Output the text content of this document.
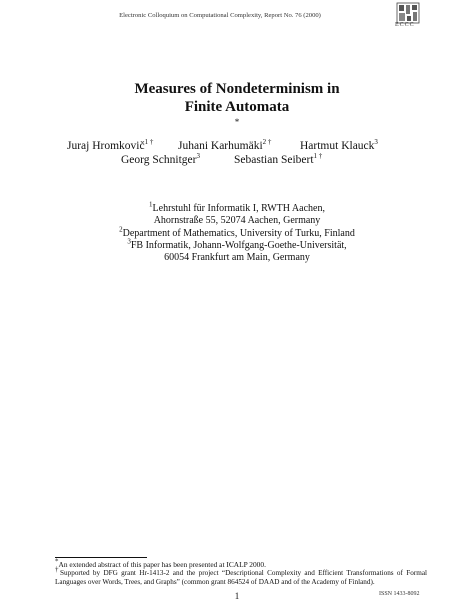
Electronic Colloquium on Computational Complexity, Report No. 76 (2000)
ECCC
Measures of Nondeterminism in
Finite Automata
*
Juraj Hromkovič$^{1 \dagger}$ Juhani Karhumäki$^{2 \dagger}$ Hartmut Klauck$^3$
Georg Schnitger$^3$	Sebastian Seibert$^{1 \dagger}$
$^1$Lehrstuhl für Informatik I, RWTH Aachen,
Ahornstraße 55, 52074 Aachen, Germany
$^2$Department of Mathematics, University of Turku, Finland
$^3$FB Informatik, Johann-Wolfgang-Goethe-Universität,
60054 Frankfurt am Main, Germany
*An extended abstract of this paper has been presented at ICALP 2000.
†Supported by DFG grant Hr-1413-2 and the project “Descriptional Complexity and Efficient Transformations of Formal Languages over Words, Trees, and Graphs” (common grant 864524 of DAAD and of the Academy of Finland).
1	ISSN 1433-8092
